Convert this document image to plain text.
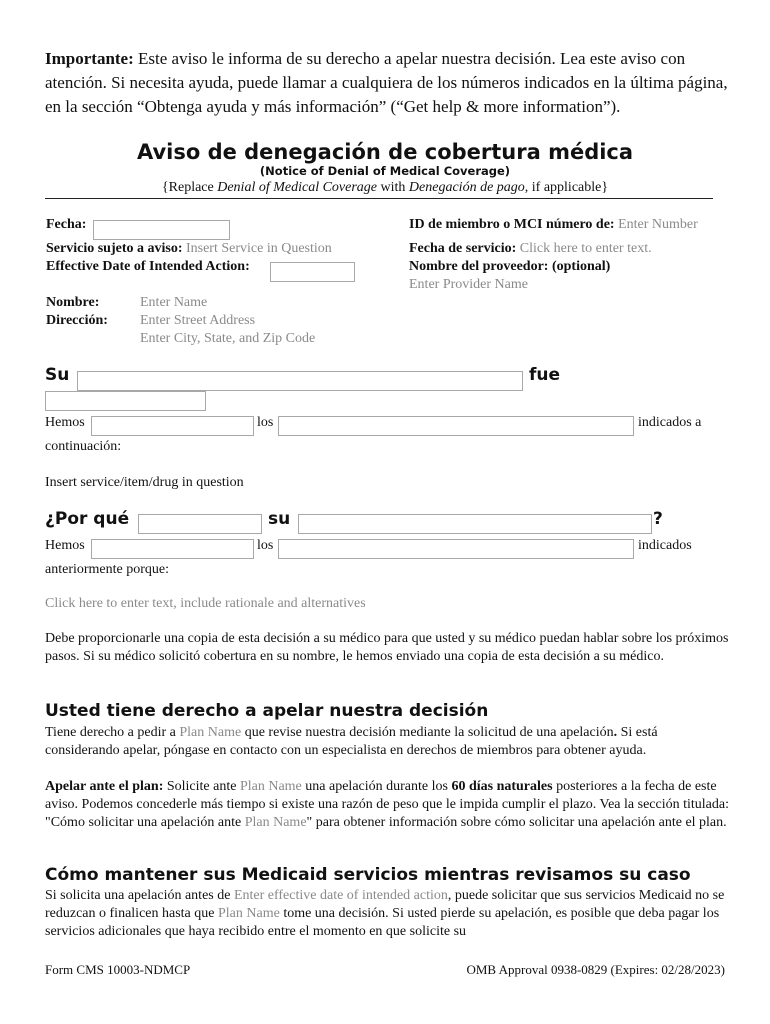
Importante: Este aviso le informa de su derecho a apelar nuestra decisión. Lea este aviso con atención. Si necesita ayuda, puede llamar a cualquiera de los números indicados en la última página, en la sección “Obtenga ayuda y más información” (“Get help & more information”).
Aviso de denegación de cobertura médica
(Notice of Denial of Medical Coverage)
{Replace Denial of Medical Coverage with Denegación de pago, if applicable}
Fecha:
Servicio sujeto a aviso: Insert Service in Question
Effective Date of Intended Action:
ID de miembro o MCI número de: Enter Number
Fecha de servicio: Click here to enter text.
Nombre del proveedor: (optional)
Enter Provider Name
Nombre:	Enter Name
Dirección: Enter Street Address
Enter City, State, and Zip Code
Su	fue
Hemos	los	indicados a
continuación:
Insert service/item/drug in question
¿Por qué	su	?
Hemos	los	indicados
anteriormente porque:
Click here to enter text, include rationale and alternatives
Debe proporcionarle una copia de esta decisión a su médico para que usted y su médico puedan hablar sobre los próximos pasos. Si su médico solicitó cobertura en su nombre, le hemos enviado una copia de esta decisión a su médico.
Usted tiene derecho a apelar nuestra decisión
Tiene derecho a pedir a Plan Name que revise nuestra decisión mediante la solicitud de una apelación. Si está considerando apelar, póngase en contacto con un especialista en derechos de miembros para obtener ayuda.
Apelar ante el plan: Solicite ante Plan Name una apelación durante los 60 días naturales posteriores a la fecha de este aviso. Podemos concederle más tiempo si existe una razón de peso que le impida cumplir el plazo. Vea la sección titulada: "Cómo solicitar una apelación ante Plan Name" para obtener información sobre cómo solicitar una apelación ante el plan.
Cómo mantener sus Medicaid servicios mientras revisamos su caso
Si solicita una apelación antes de Enter effective date of intended action, puede solicitar que sus servicios Medicaid no se reduzcan o finalicen hasta que Plan Name tome una decisión. Si usted pierde su apelación, es posible que deba pagar los servicios adicionales que haya recibido entre el momento en que solicite su
Form CMS 10003-NDMCP	OMB Approval 0938-0829 (Expires: 02/28/2023)
